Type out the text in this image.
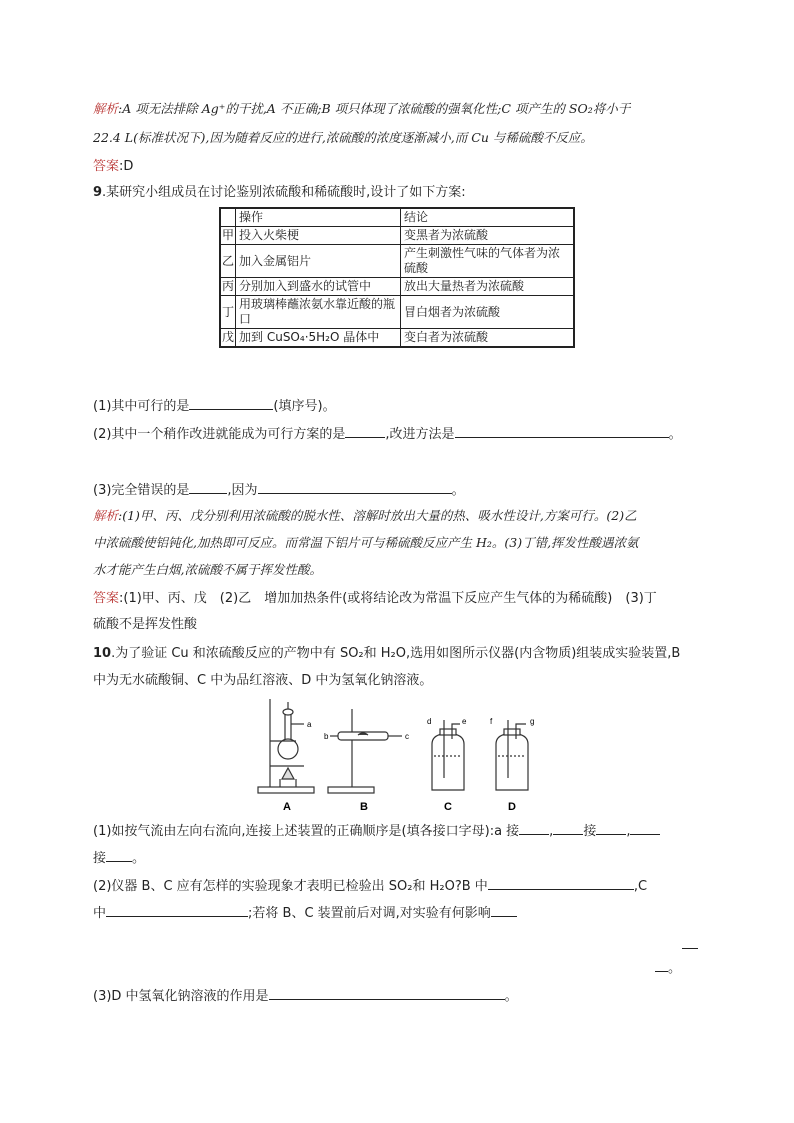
解析:A 项无法排除 Ag⁺的干扰,A 不正确;B 项只体现了浓硫酸的强氧化性;C 项产生的 SO₂将小于
22.4 L(标准状况下),因为随着反应的进行,浓硫酸的浓度逐渐减小,而 Cu 与稀硫酸不反应。
答案:D
9.某研究小组成员在讨论鉴别浓硫酸和稀硫酸时,设计了如下方案:
	操作	结论
甲	投入火柴梗	变黑者为浓硫酸
乙	加入金属铝片	产生刺激性气味的气体者为浓硫酸
丙	分别加入到盛水的试管中	放出大量热者为浓硫酸
丁	用玻璃棒蘸浓氨水靠近酸的瓶口	冒白烟者为浓硫酸
戊	加到 CuSO₄·5H₂O 晶体中	变白者为浓硫酸
(1)其中可行的是	(填序号)。
(2)其中一个稍作改进就能成为可行方案的是	,改进方法是	。
(3)完全错误的是	,因为	。
解析:(1)甲、丙、戊分别利用浓硫酸的脱水性、溶解时放出大量的热、吸水性设计,方案可行。(2)乙
中浓硫酸使铝钝化,加热即可反应。而常温下铝片可与稀硫酸反应产生 H₂。(3)丁错,挥发性酸遇浓氨
水才能产生白烟,浓硫酸不属于挥发性酸。
答案:(1)甲、丙、戊　(2)乙　增加加热条件(或将结论改为常温下反应产生气体的为稀硫酸)　(3)丁
硫酸不是挥发性酸
10.为了验证 Cu 和浓硫酸反应的产物中有 SO₂和 H₂O,选用如图所示仪器(内含物质)组装成实验装置,B
中为无水硫酸铜、C 中为品红溶液、D 中为氢氧化钠溶液。
a
A
b	c
B
d	e
C
f	g
D
(1)如按气流由左向右流向,连接上述装置的正确顺序是(填各接口字母):a 接 , 接 ,
接 。
(2)仪器 B、C 应有怎样的实验现象才表明已检验出 SO₂和 H₂O?B 中	,C
中	;若将 B、C 装置前后对调,对实验有何影响
。
(3)D 中氢氧化钠溶液的作用是	。
